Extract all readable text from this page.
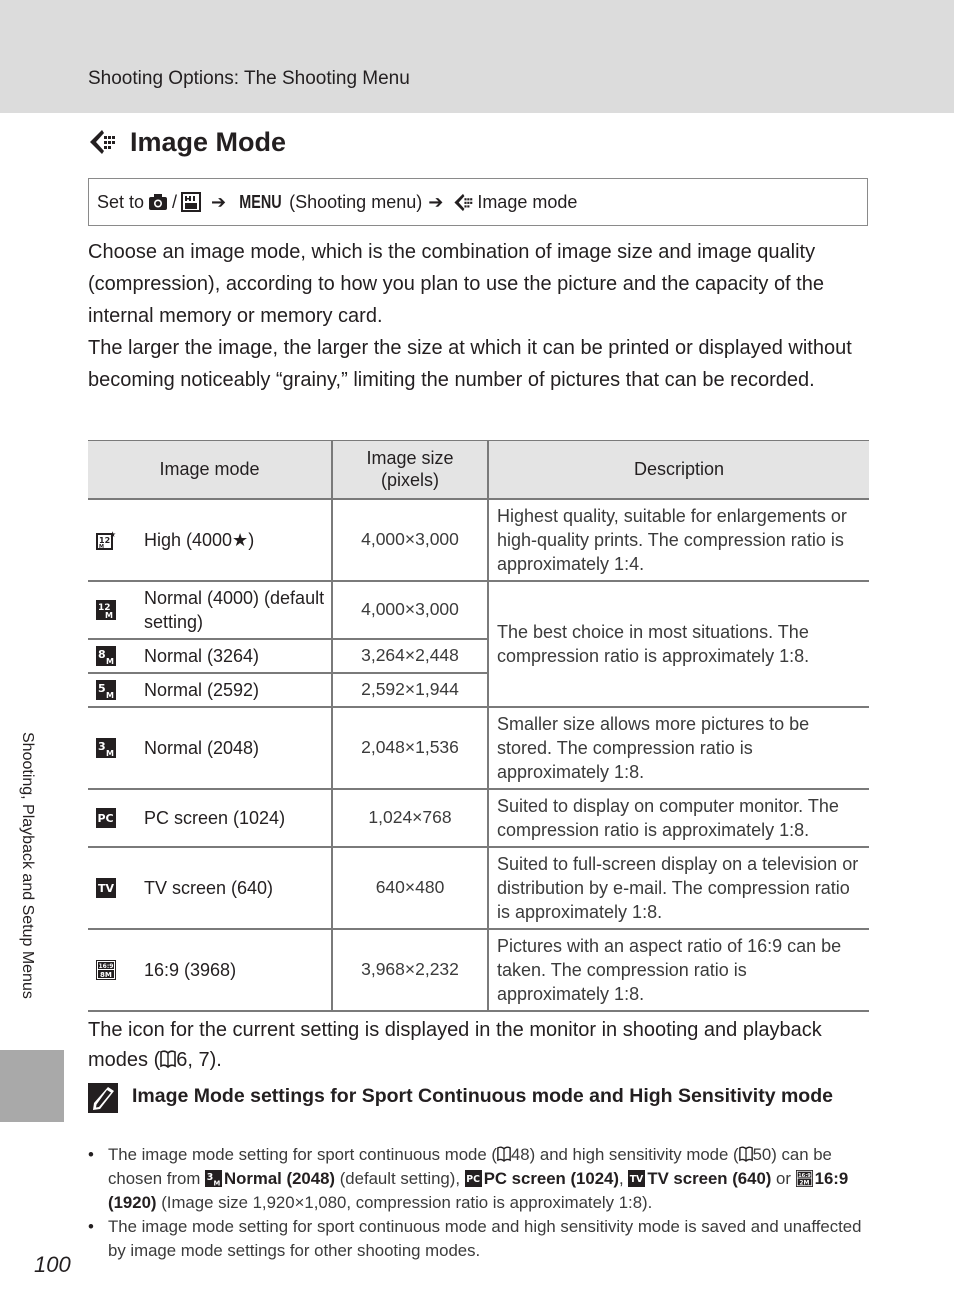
Shooting Options: The Shooting Menu
Image Mode
Set to / ➔ MENU (Shooting menu) ➔ Image mode

Choose an image mode, which is the combination of image size and image quality (compression), according to how you plan to use the picture and the capacity of the internal memory or memory card.

The larger the image, the larger the size at which it can be printed or displayed without becoming noticeably “grainy,” limiting the number of pictures that can be recorded.

Image mode	Image size (pixels)	Description

12
M
★ High (4000★)	4,000×3,000	Highest quality, suitable for enlargements or high-quality prints. The compression ratio is approximately 1:4.

12
M
Normal (4000) (default setting)	4,000×3,000	The best choice in most situations. The compression ratio is approximately 1:8.

8
M Normal (3264)	3,264×2,448	

5
M Normal (2592)	2,592×1,944	

3
M Normal (2048)	2,048×1,536	Smaller size allows more pictures to be stored. The compression ratio is approximately 1:8.

PC PC screen (1024)	1,024×768	Suited to display on computer monitor. The compression ratio is approximately 1:8.

TV TV screen (640)	640×480	Suited to full-screen display on a television or distribution by e-mail. The compression ratio is approximately 1:8.

16:9
8M 16:9 (3968)	3,968×2,232	Pictures with an aspect ratio of 16:9 can be taken. The compression ratio is approximately 1:8.
The icon for the current setting is displayed in the monitor in shooting and playback modes ( 6, 7).
Image Mode settings for Sport Continuous mode and High Sensitivity mode
• The image mode setting for sport continuous mode ( 48) and high sensitivity mode ( 50) can be chosen from 3
M Normal (2048) (default setting), PC PC screen (1024), TV TV screen (640) or 16:9
2M 16:9 (1920) (Image size 1,920×1,080, compression ratio is approximately 1:8).
• The image mode setting for sport continuous mode and high sensitivity mode is saved and unaffected by image mode settings for other shooting modes.
Shooting, Playback and Setup Menus
100
